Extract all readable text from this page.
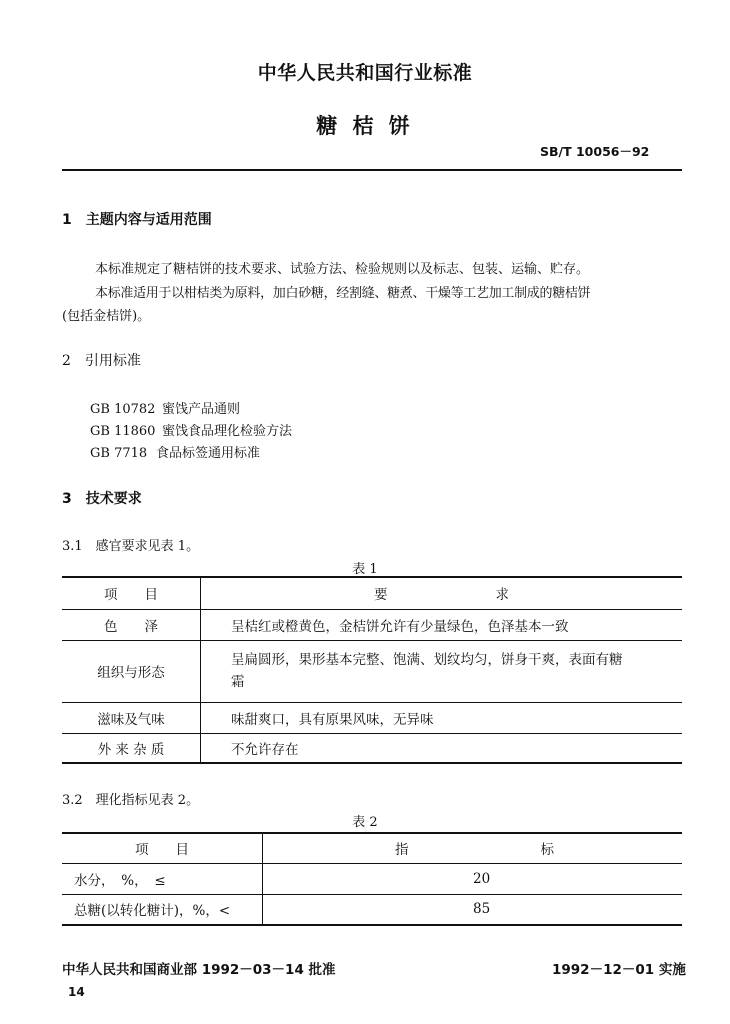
中华人民共和国行业标准
糖 桔 饼
SB/T 10056－92
1　主题内容与适用范围
本标准规定了糖桔饼的技术要求、试验方法、检验规则以及标志、包装、运输、贮存。
本标准适用于以柑桔类为原料，加白砂糖，经割缝、糖煮、干燥等工艺加工制成的糖桔饼
(包括金桔饼)。
2　引用标准
GB 10782 蜜饯产品通则
GB 11860 蜜饯食品理化检验方法
GB 7718 食品标签通用标准
3　技术要求
3.1　感官要求见表 1。
表 1
项　　目	要　　　　　　　　求
色　　泽	呈桔红或橙黄色，金桔饼允许有少量绿色，色泽基本一致
组织与形态	呈扁圆形，果形基本完整、饱满、划纹均匀，饼身干爽，表面有糖
霜

滋味及气味	味甜爽口，具有原果风味，无异味
外 来 杂 质	不允许存在
3.2　理化指标见表 2。
表 2
项　　目	指 标
水分，　%，　≤	20
总糖(以转化糖计)，%，<	85
中华人民共和国商业部 1992－03－14 批准	1992－12－01 实施
14
